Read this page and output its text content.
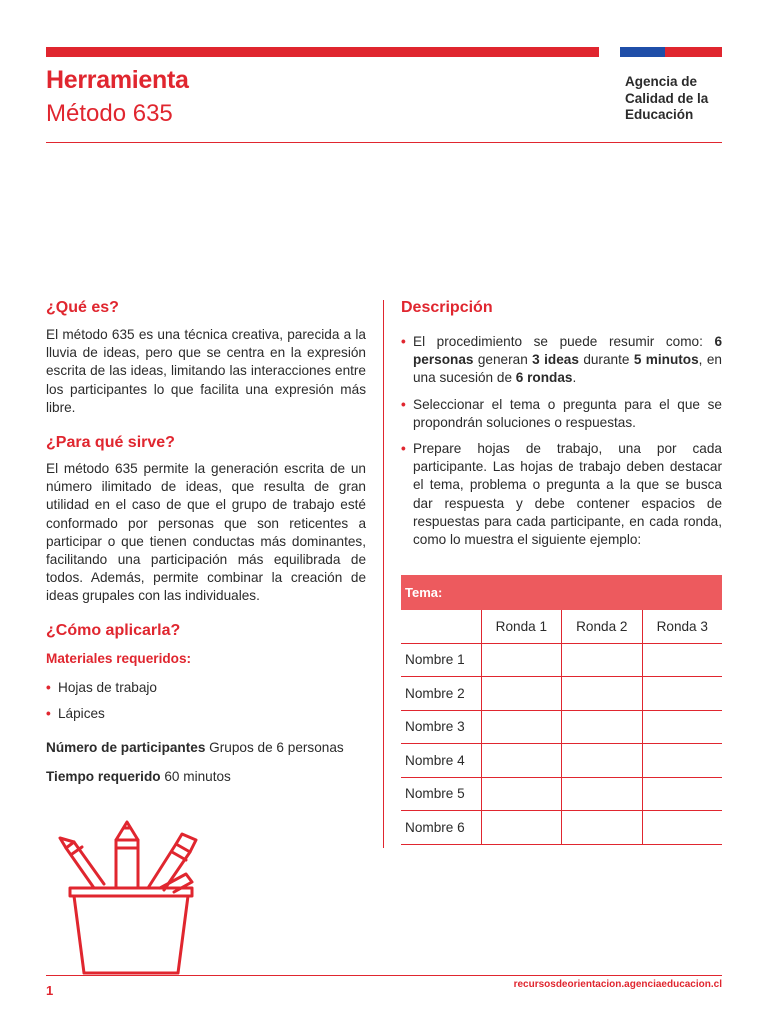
Herramienta
Método 635
Agencia de
Calidad de la
Educación
¿Qué es?

El método 635 es una técnica creativa, parecida a la lluvia de ideas, pero que se centra en la expresión escrita de las ideas, limitando las interacciones entre los participantes lo que facilita una expresión más libre.

¿Para qué sirve?

El método 635 permite la generación escrita de un número ilimitado de ideas, que resulta de gran utilidad en el caso de que el grupo de trabajo esté conformado por personas que son reticentes a participar o que tienen conductas más dominantes, facilitando una participación más equilibrada de todos. Además, permite combinar la creación de ideas grupales con las individuales.

¿Cómo aplicarla?
Materiales requeridos:
• Hojas de trabajo
• Lápices
Número de participantes Grupos de 6 personas
Tiempo requerido 60 minutos
Descripción
• El procedimiento se puede resumir como: 6 personas generan 3 ideas durante 5 minutos, en una sucesión de 6 rondas.
• Seleccionar el tema o pregunta para el que se propondrán soluciones o respuestas.
• Prepare hojas de trabajo, una por cada participante. Las hojas de trabajo deben destacar el tema, problema o pregunta a la que se busca dar respuesta y debe contener espacios de respuestas para cada participante, en cada ronda, como lo muestra el siguiente ejemplo:
Tema:			
	Ronda 1	Ronda 2	Ronda 3
Nombre 1			
Nombre 2			
Nombre 3			
Nombre 4			
Nombre 5			
Nombre 6			
1	recursosdeorientacion.agenciaeducacion.cl
